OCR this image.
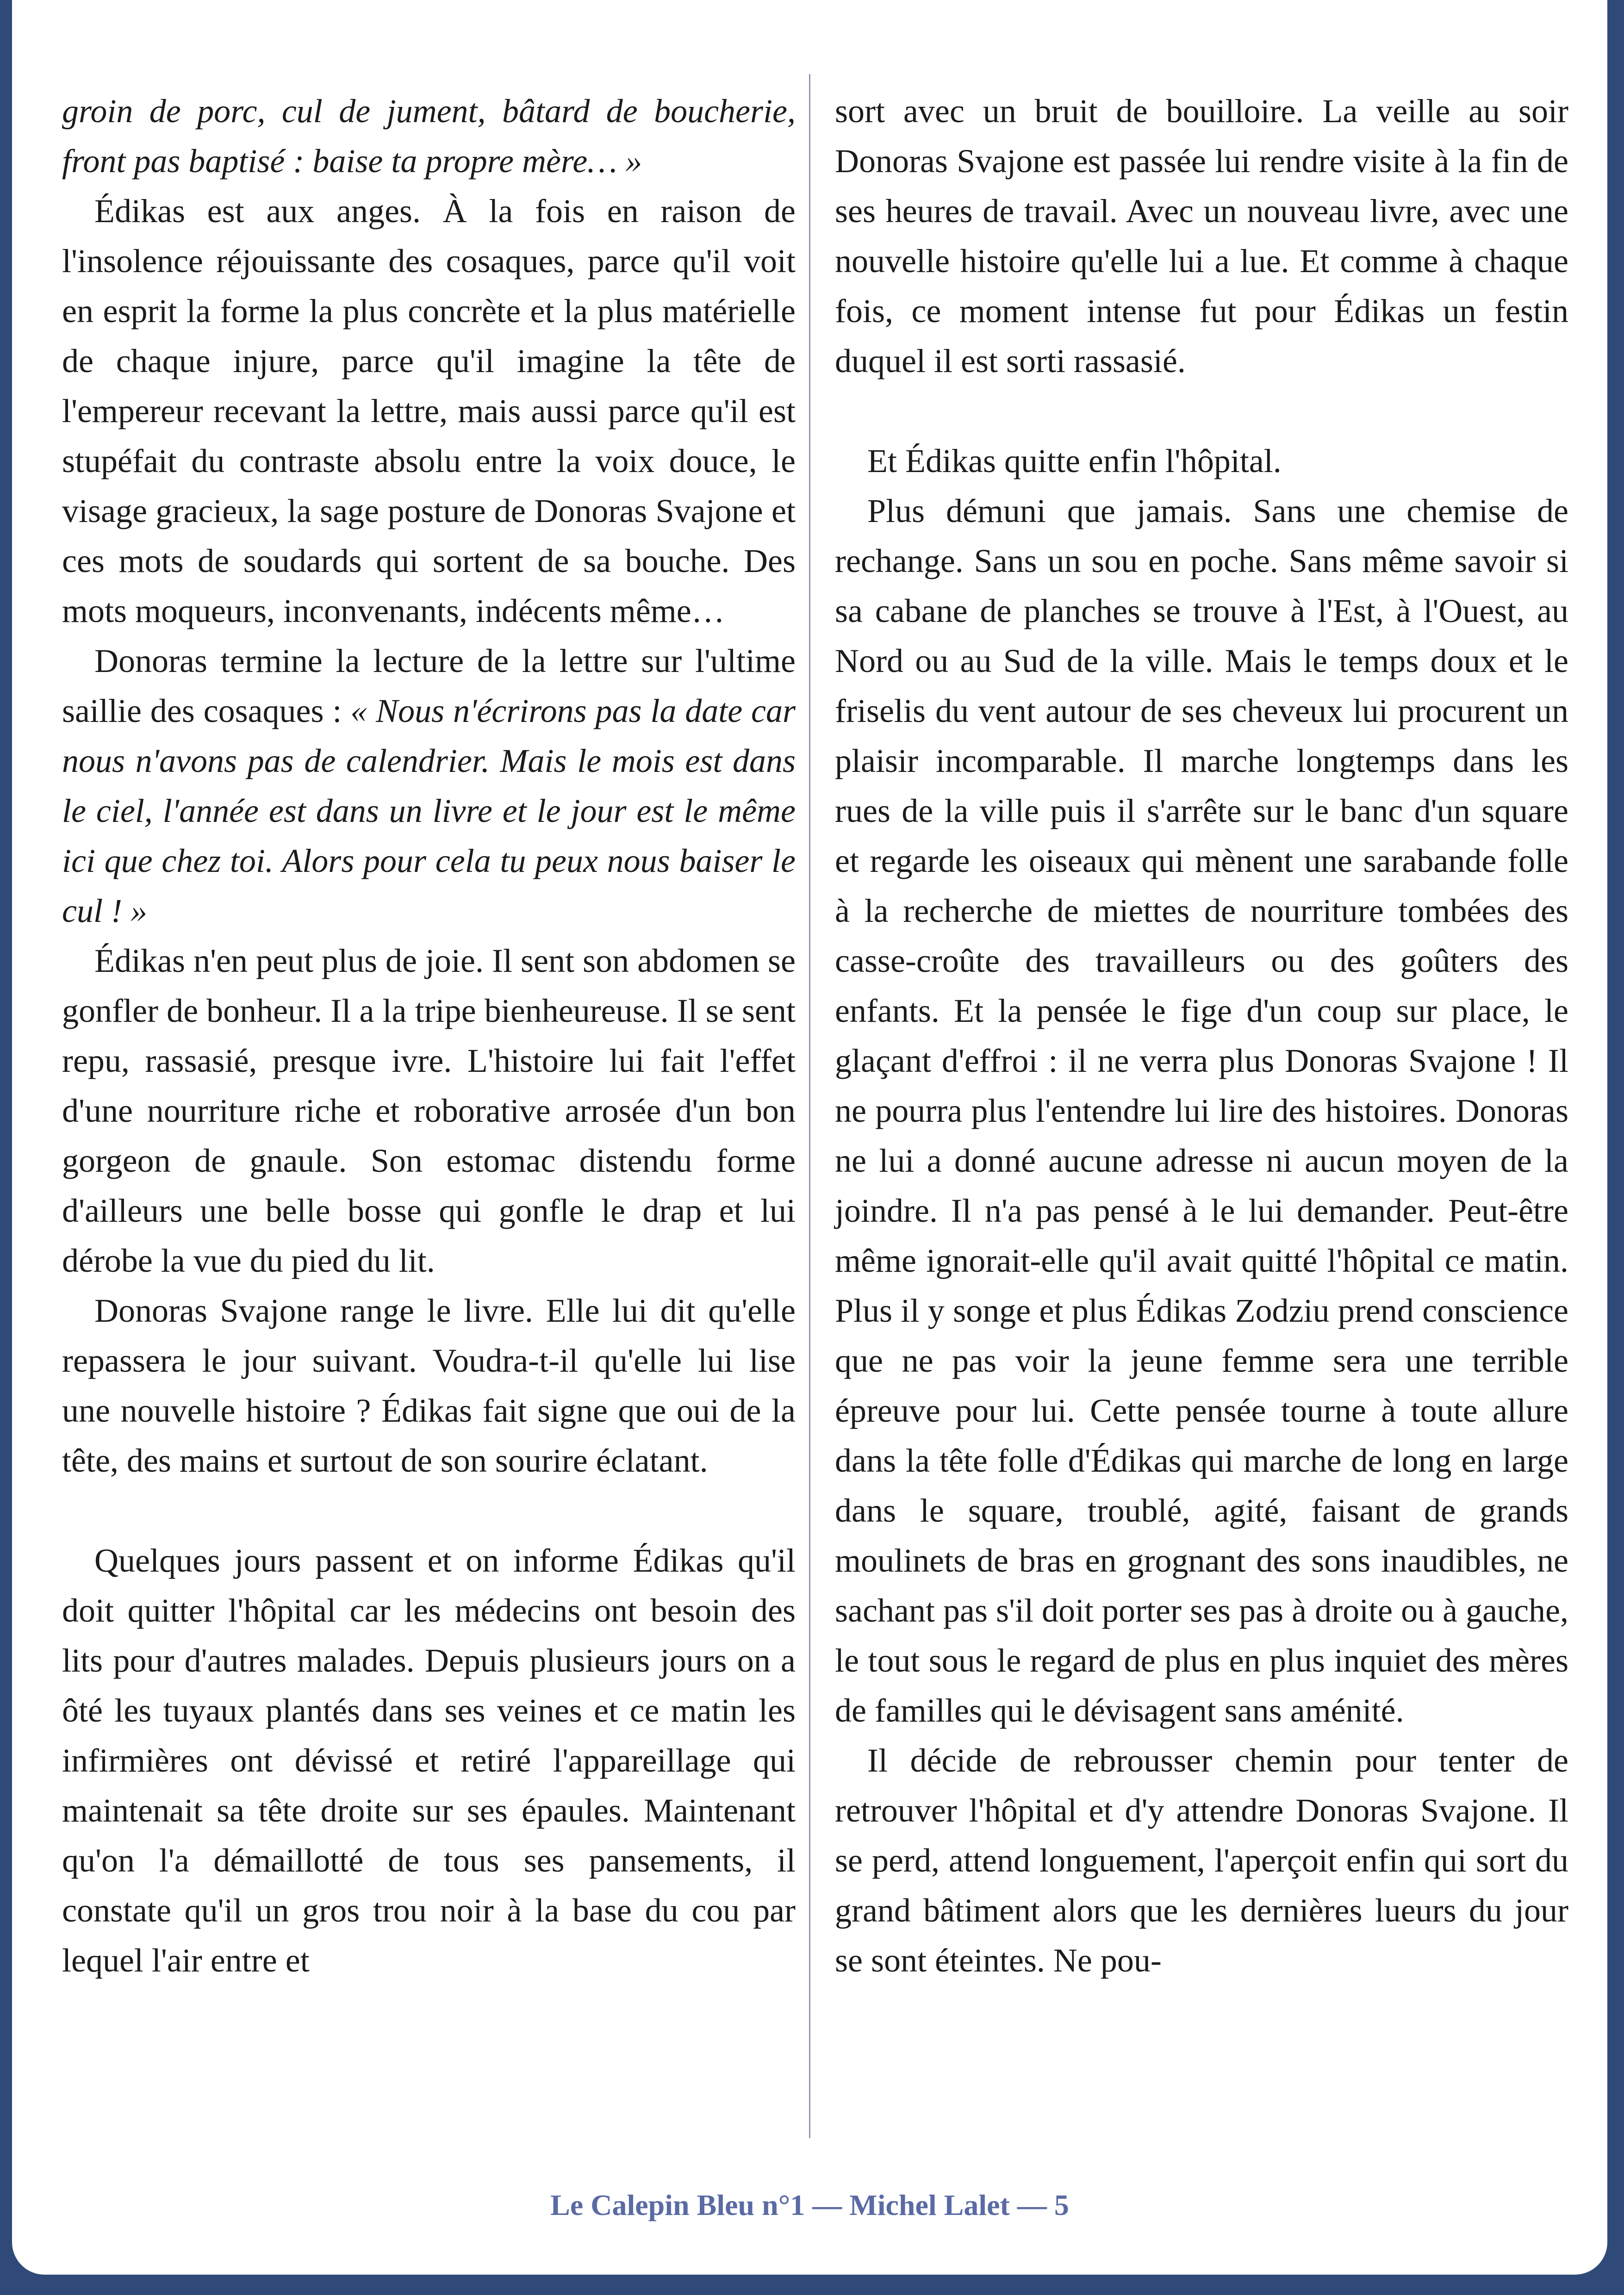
groin de porc, cul de jument, bâtard de boucherie, front pas baptisé : baise ta propre mère… »

Édikas est aux anges. À la fois en raison de l'insolence réjouissante des cosaques, parce qu'il voit en esprit la forme la plus concrète et la plus matérielle de chaque injure, parce qu'il imagine la tête de l'empereur recevant la lettre, mais aussi parce qu'il est stupéfait du contraste absolu entre la voix douce, le visage gracieux, la sage posture de Donoras Svajone et ces mots de soudards qui sortent de sa bouche. Des mots moqueurs, inconvenants, indécents même…

Donoras termine la lecture de la lettre sur l'ultime saillie des cosaques : « Nous n'écrirons pas la date car nous n'avons pas de calendrier. Mais le mois est dans le ciel, l'année est dans un livre et le jour est le même ici que chez toi. Alors pour cela tu peux nous baiser le cul ! »

Édikas n'en peut plus de joie. Il sent son abdomen se gonfler de bonheur. Il a la tripe bienheureuse. Il se sent repu, rassasié, presque ivre. L'histoire lui fait l'effet d'une nourriture riche et roborative arrosée d'un bon gorgeon de gnaule. Son estomac distendu forme d'ailleurs une belle bosse qui gonfle le drap et lui dérobe la vue du pied du lit.

Donoras Svajone range le livre. Elle lui dit qu'elle repassera le jour suivant. Voudra-t-il qu'elle lui lise une nouvelle histoire ? Édikas fait signe que oui de la tête, des mains et surtout de son sourire éclatant.

Quelques jours passent et on informe Édikas qu'il doit quitter l'hôpital car les médecins ont besoin des lits pour d'autres malades. Depuis plusieurs jours on a ôté les tuyaux plantés dans ses veines et ce matin les infirmières ont dévissé et retiré l'appareillage qui maintenait sa tête droite sur ses épaules. Maintenant qu'on l'a démaillotté de tous ses pansements, il constate qu'il un gros trou noir à la base du cou par lequel l'air entre et

sort avec un bruit de bouilloire. La veille au soir Donoras Svajone est passée lui rendre visite à la fin de ses heures de travail. Avec un nouveau livre, avec une nouvelle histoire qu'elle lui a lue. Et comme à chaque fois, ce moment intense fut pour Édikas un festin duquel il est sorti rassasié.

Et Édikas quitte enfin l'hôpital.

Plus démuni que jamais. Sans une chemise de rechange. Sans un sou en poche. Sans même savoir si sa cabane de planches se trouve à l'Est, à l'Ouest, au Nord ou au Sud de la ville. Mais le temps doux et le friselis du vent autour de ses cheveux lui procurent un plaisir incomparable. Il marche longtemps dans les rues de la ville puis il s'arrête sur le banc d'un square et regarde les oiseaux qui mènent une sarabande folle à la recherche de miettes de nourriture tombées des casse-croûte des travailleurs ou des goûters des enfants. Et la pensée le fige d'un coup sur place, le glaçant d'effroi : il ne verra plus Donoras Svajone ! Il ne pourra plus l'entendre lui lire des histoires. Donoras ne lui a donné aucune adresse ni aucun moyen de la joindre. Il n'a pas pensé à le lui demander. Peut-être même ignorait-elle qu'il avait quitté l'hôpital ce matin. Plus il y songe et plus Édikas Zodziu prend conscience que ne pas voir la jeune femme sera une terrible épreuve pour lui. Cette pensée tourne à toute allure dans la tête folle d'Édikas qui marche de long en large dans le square, troublé, agité, faisant de grands moulinets de bras en grognant des sons inaudibles, ne sachant pas s'il doit porter ses pas à droite ou à gauche, le tout sous le regard de plus en plus inquiet des mères de familles qui le dévisagent sans aménité.

Il décide de rebrousser chemin pour tenter de retrouver l'hôpital et d'y attendre Donoras Svajone. Il se perd, attend longuement, l'aperçoit enfin qui sort du grand bâtiment alors que les dernières lueurs du jour se sont éteintes. Ne pou-

Le Calepin Bleu n°1 — Michel Lalet — 5
